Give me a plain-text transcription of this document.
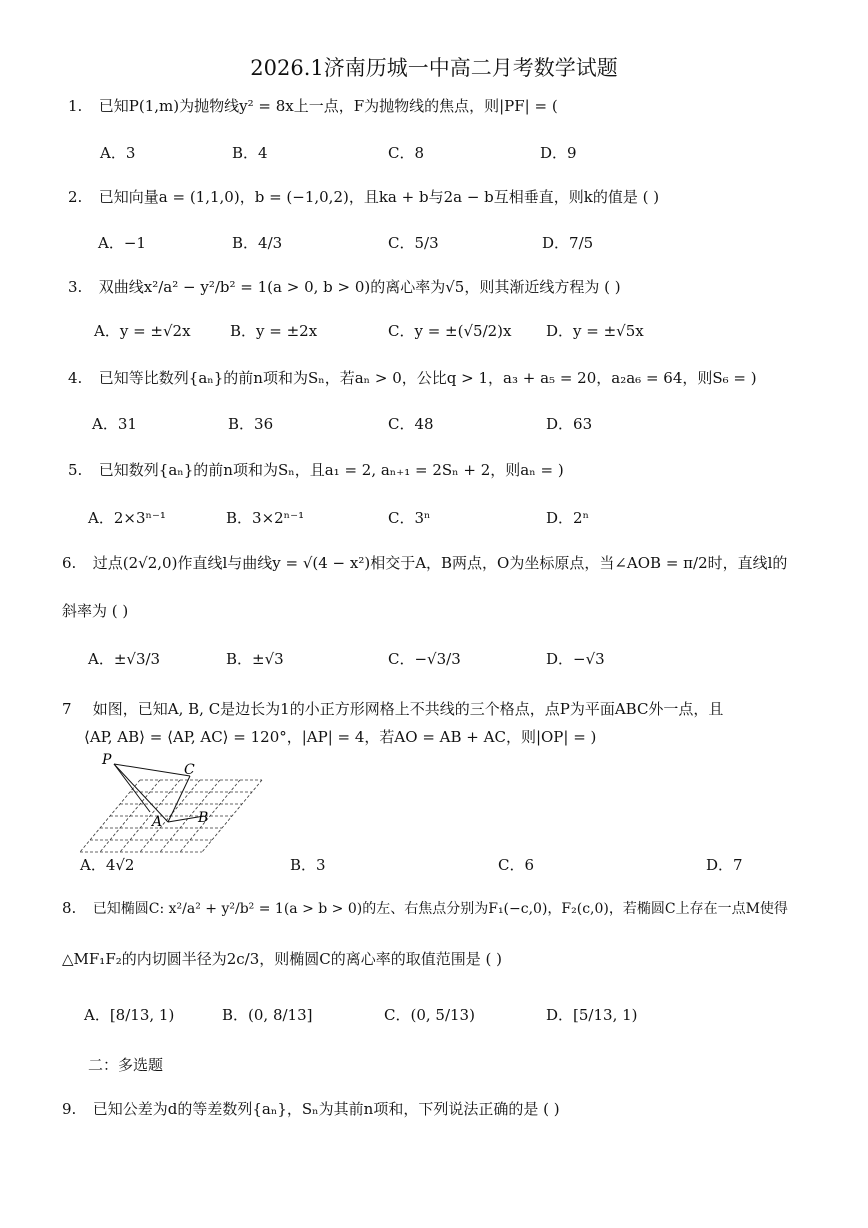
2026.1济南历城一中高二月考数学试题
1. 已知P(1,m)为抛物线y² = 8x上一点，F为抛物线的焦点，则|PF| = (
A．3	B．4	C．8	D．9
2. 已知向量a = (1,1,0)，b = (−1,0,2)，且ka + b与2a − b互相垂直，则k的值是 ( )
A．−1	B．4/3	C．5/3	D．7/5
3. 双曲线x²/a² − y²/b² = 1(a > 0, b > 0)的离心率为√5，则其渐近线方程为 ( )
A．y = ±√2x	B．y = ±2x	C．y = ±(√5/2)x D．y = ±√5x
4. 已知等比数列{aₙ}的前n项和为Sₙ，若aₙ > 0，公比q > 1，a₃ + a₅ = 20，a₂a₆ = 64，则S₆ = )
A．31	B．36	C．48	D．63
5. 已知数列{aₙ}的前n项和为Sₙ，且a₁ = 2, aₙ₊₁ = 2Sₙ + 2，则aₙ = )
A．2×3ⁿ⁻¹	B．3×2ⁿ⁻¹	C．3ⁿ	D．2ⁿ
6. 过点(2√2,0)作直线l与曲线y = √(4 − x²)相交于A，B两点，O为坐标原点，当∠AOB = π/2时，直线l的
斜率为 ( )
A．±√3/3	B．±√3	C．−√3/3	D．−√3
7 如图，已知A, B, C是边长为1的小正方形网格上不共线的三个格点，点P为平面ABC外一点，且
⟨AP, AB⟩ = ⟨AP, AC⟩ = 120°，|AP| = 4，若AO = AB + AC，则|OP| = )
P
C
A	B
A．4√2	B．3	C．6	D．7
8. 已知椭圆C: x²/a² + y²/b² = 1(a > b > 0)的左、右焦点分别为F₁(−c,0)，F₂(c,0)，若椭圆C上存在一点M使得
△MF₁F₂的内切圆半径为2c/3，则椭圆C的离心率的取值范围是 ( )
A．[8/13, 1)	B．(0, 8/13]	C．(0, 5/13)	D．[5/13, 1)
二：多选题
9. 已知公差为d的等差数列{aₙ}，Sₙ为其前n项和，下列说法正确的是 ( )
